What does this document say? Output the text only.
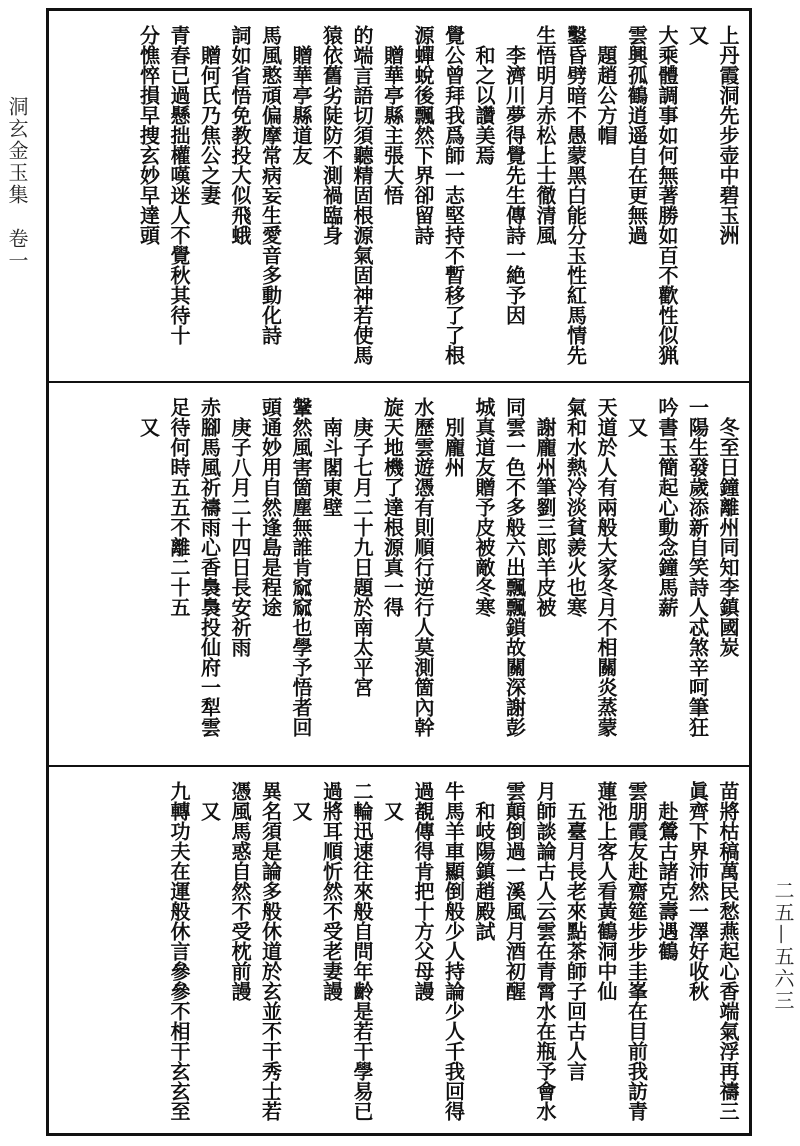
洞玄金玉集　卷一
二五—五六三
上丹霞洞先步壶中碧玉洲
又
大乘體調事如何無著勝如百不歡性似猟
雲興孤鶴逍遥自在更無過
　題趙公方帽
鑿昏劈暗不愚蒙黑白能分玉性紅馬情先
生悟明月赤松上士徹清風
　李濟川夢得覺先生傳詩一絶予因
　和之以讚美焉
覺公曾拜我爲師一志堅持不暫移了了根
源蟬蛻後飄然下界卻留詩
　贈華亭縣主張大悟
的端言語切須聽精固根源氣固神若使馬
猿依舊劣陡防不測禍臨身
　贈華亭縣道友
馬風憨頑偏摩常病妄生愛音多動化詩
詞如省悟免教投大似飛蛾
　贈何氏乃焦公之妻
青春已過懸拙權嘆迷人不覺秋其待十
分憔悴損早捜玄妙早達頭
　冬至日鐘離州同知李鎮國炭
一陽生發歲添新自笑詩人忒煞辛呵筆狂
吟書玉簡起心動念鐘馬薪
　又
天道於人有兩般大家冬月不相關炎蒸蒙
氣和水熱冷淡貧羨火也寒
　謝龐州筆劉三郎羊皮被
同雲一色不多般六出飄飄鎖故關深謝彭
城真道友贈予皮被敵冬寒
　別龐州
水歷雲遊憑有則順行逆行人莫測箇內幹
旋天地機了達根源真一得
　庚子七月二十九日題於南太平宮
　南斗閣東壁
鞶然風害箇塵無誰肯窳窳也學予悟者回
頭通妙用自然逢島是程途
　庚子八月二十四日長安祈雨
赤腳馬風祈禱雨心香裊裊投仙府一犁雲
足待何時五五不離二十五
　又
苗將枯稿萬民愁燕起心香端氣浮再禱三
眞齊下界沛然一澤好收秋
　赴鶯古諸克壽遇鶴
雲朋霞友赴齋筵步步圭峯在目前我訪青
蓮池上客人看黃鶴洞中仙
　五臺月長老來點茶師子回古人言
月師談論古人云雲在青霄水在瓶予會水
雲顛倒過一溪風月酒初醒
　和岐陽鎮趙殿試
牛馬羊車顯倒般少人持論少人千我回得
過覩傳得肯把十方父母謾
　又
二輪迅速往來般自問年齡是若干學易已
過將耳順忻然不受老妻謾
　又
異名須是論多般休道於玄並不干秀士若
憑風馬惑自然不受枕前謾
　又
九轉功夫在運般休言參參不相干玄玄至
